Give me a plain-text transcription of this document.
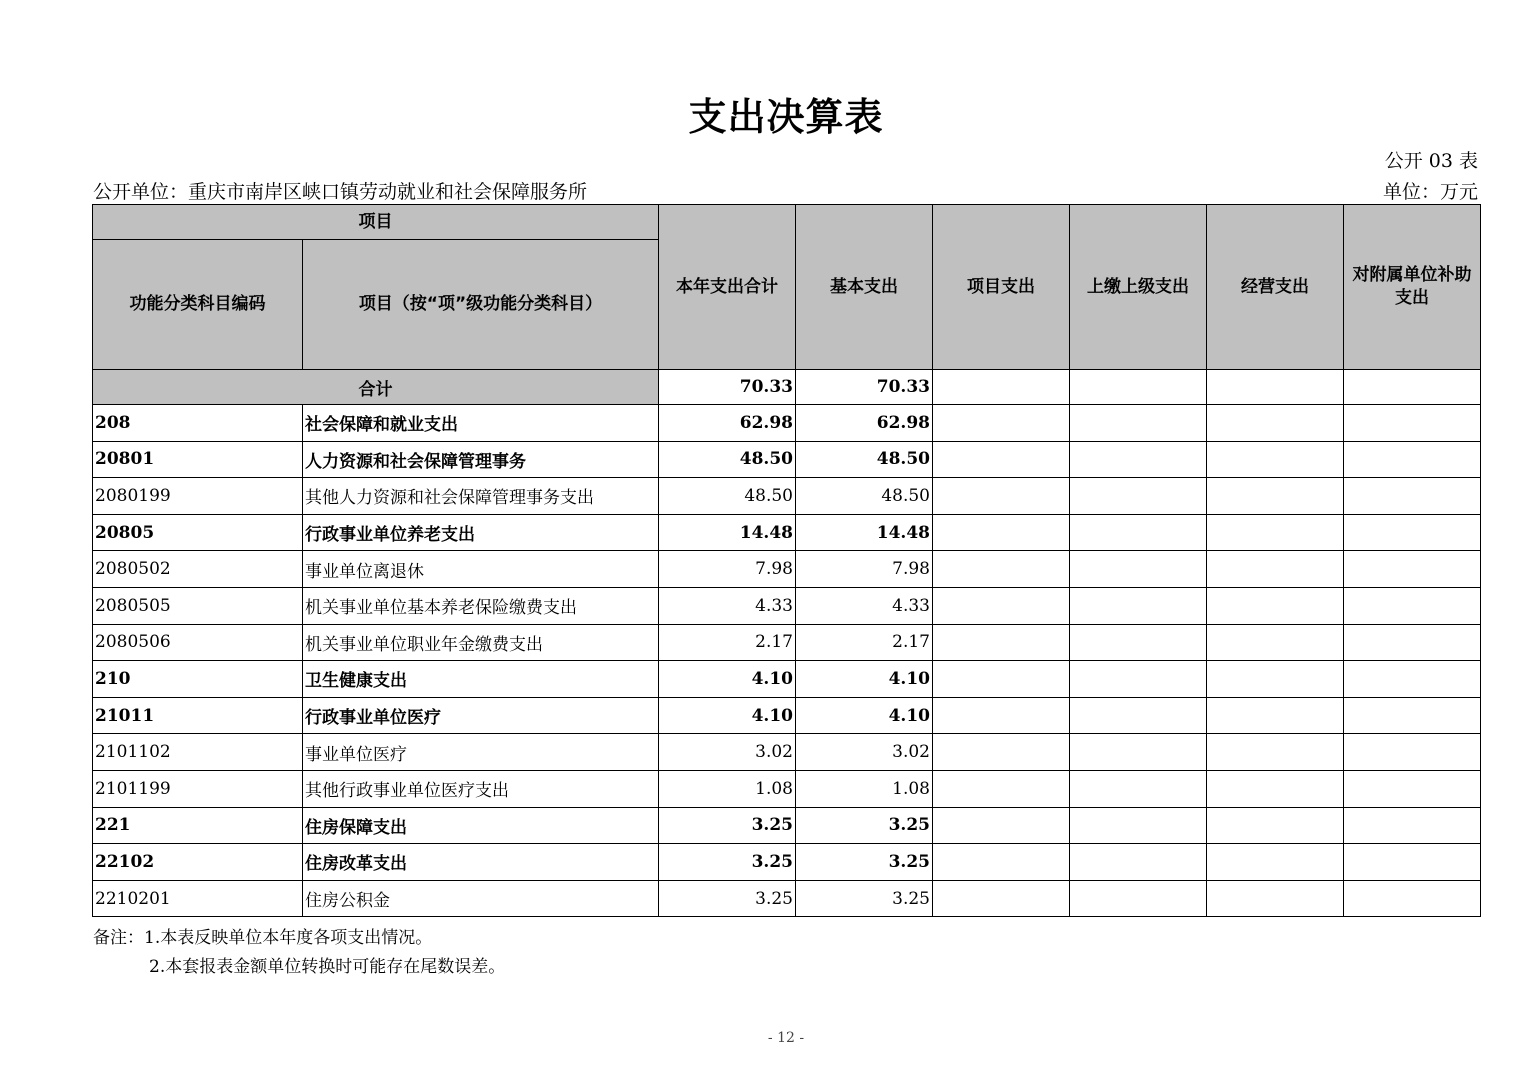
支出决算表
公开 03 表
公开单位：重庆市南岸区峡口镇劳动就业和社会保障服务所	单位：万元
项目		本年支出合计	基本支出	项目支出	上缴上级支出	经营支出	对附属单位补助支出
功能分类科目编码	项目（按“项”级功能分类科目）						
合计		70.33	70.33				
208	社会保障和就业支出	62.98	62.98				
20801	人力资源和社会保障管理事务	48.50	48.50				
2080199	其他人力资源和社会保障管理事务支出	48.50	48.50				
20805	行政事业单位养老支出	14.48	14.48				
2080502	事业单位离退休	7.98	7.98				
2080505	机关事业单位基本养老保险缴费支出	4.33	4.33				
2080506	机关事业单位职业年金缴费支出	2.17	2.17				
210	卫生健康支出	4.10	4.10				
21011	行政事业单位医疗	4.10	4.10				
2101102	事业单位医疗	3.02	3.02				
2101199	其他行政事业单位医疗支出	1.08	1.08				
221	住房保障支出	3.25	3.25				
22102	住房改革支出	3.25	3.25				
2210201	住房公积金	3.25	3.25				
备注：1.本表反映单位本年度各项支出情况。
2.本套报表金额单位转换时可能存在尾数误差。
- 12 -
